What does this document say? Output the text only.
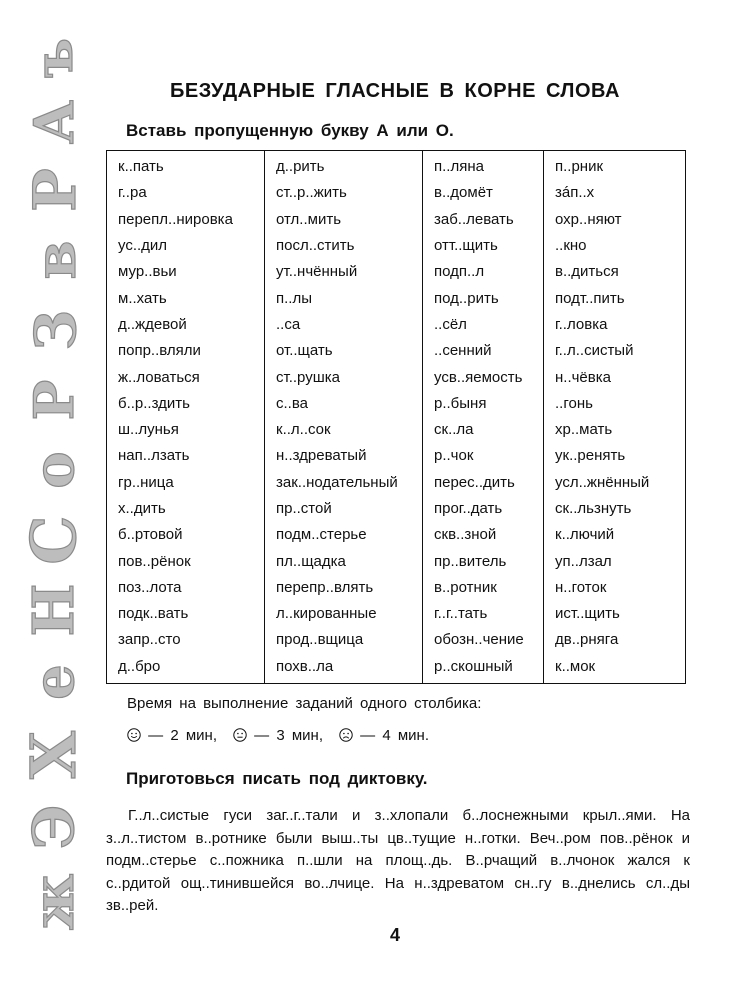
ъ
А
Р
в
З
Р
о
С
Н
е
Х
Э
ж
БЕЗУДАРНЫЕ ГЛАСНЫЕ В КОРНЕ СЛОВА

Вставь пропущенную букву А или О.

к..пать	д..рить	п..ляна	п..рник
г..ра	ст..р..жить	в..домёт	зáп..х
перепл..нировка	отл..мить	заб..левать	охр..няют
ус..дил	посл..стить	отт..щить	..кно
мур..вьи	ут..нчённый	подп..л	в..диться
м..хать	п..лы	под..рить	подт..пить
д..ждевой	..са	..сёл	г..ловка
попр..вляли	от..щать	..сенний	г..л..систый
ж..ловаться	ст..рушка	усв..яемость	н..чёвка
б..р..здить	с..ва	р..быня	..гонь
ш..лунья	к..л..сок	ск..ла	хр..мать
нап..лзать	н..здреватый	р..чок	ук..ренять
гр..ница	зак..нодательный	перес..дить	усл..жнённый
х..дить	пр..стой	прог..дать	ск..льзнуть
б..ртовой	подм..стерье	скв..зной	к..лючий
пов..рёнок	пл..щадка	пр..витель	уп..лзал
поз..лота	перепр..влять	в..ротник	н..готок
подк..вать	л..кированные	г..г..тать	ист..щить
запр..сто	прод..вщица	обозн..чение	дв..рняга
д..бро	похв..ла	р..скошный	к..мок

Время на выполнение заданий одного столбика:

— 2 мин,	— 3 мин,	— 4 мин.

Приготовься писать под диктовку.

Г..л..систые гуси заг..г..тали и з..хлопали б..лоснежными крыл..ями. На з..л..тистом в..ротнике были выш..ты цв..тущие н..готки. Веч..ром пов..рёнок и подм..стерье с..пожника п..шли на площ..дь. В..рчащий в..лчонок жался к с..рдитой ощ..тинившейся во..лчице. На н..здреватом сн..гу в..днелись сл..ды зв..рей.

4
